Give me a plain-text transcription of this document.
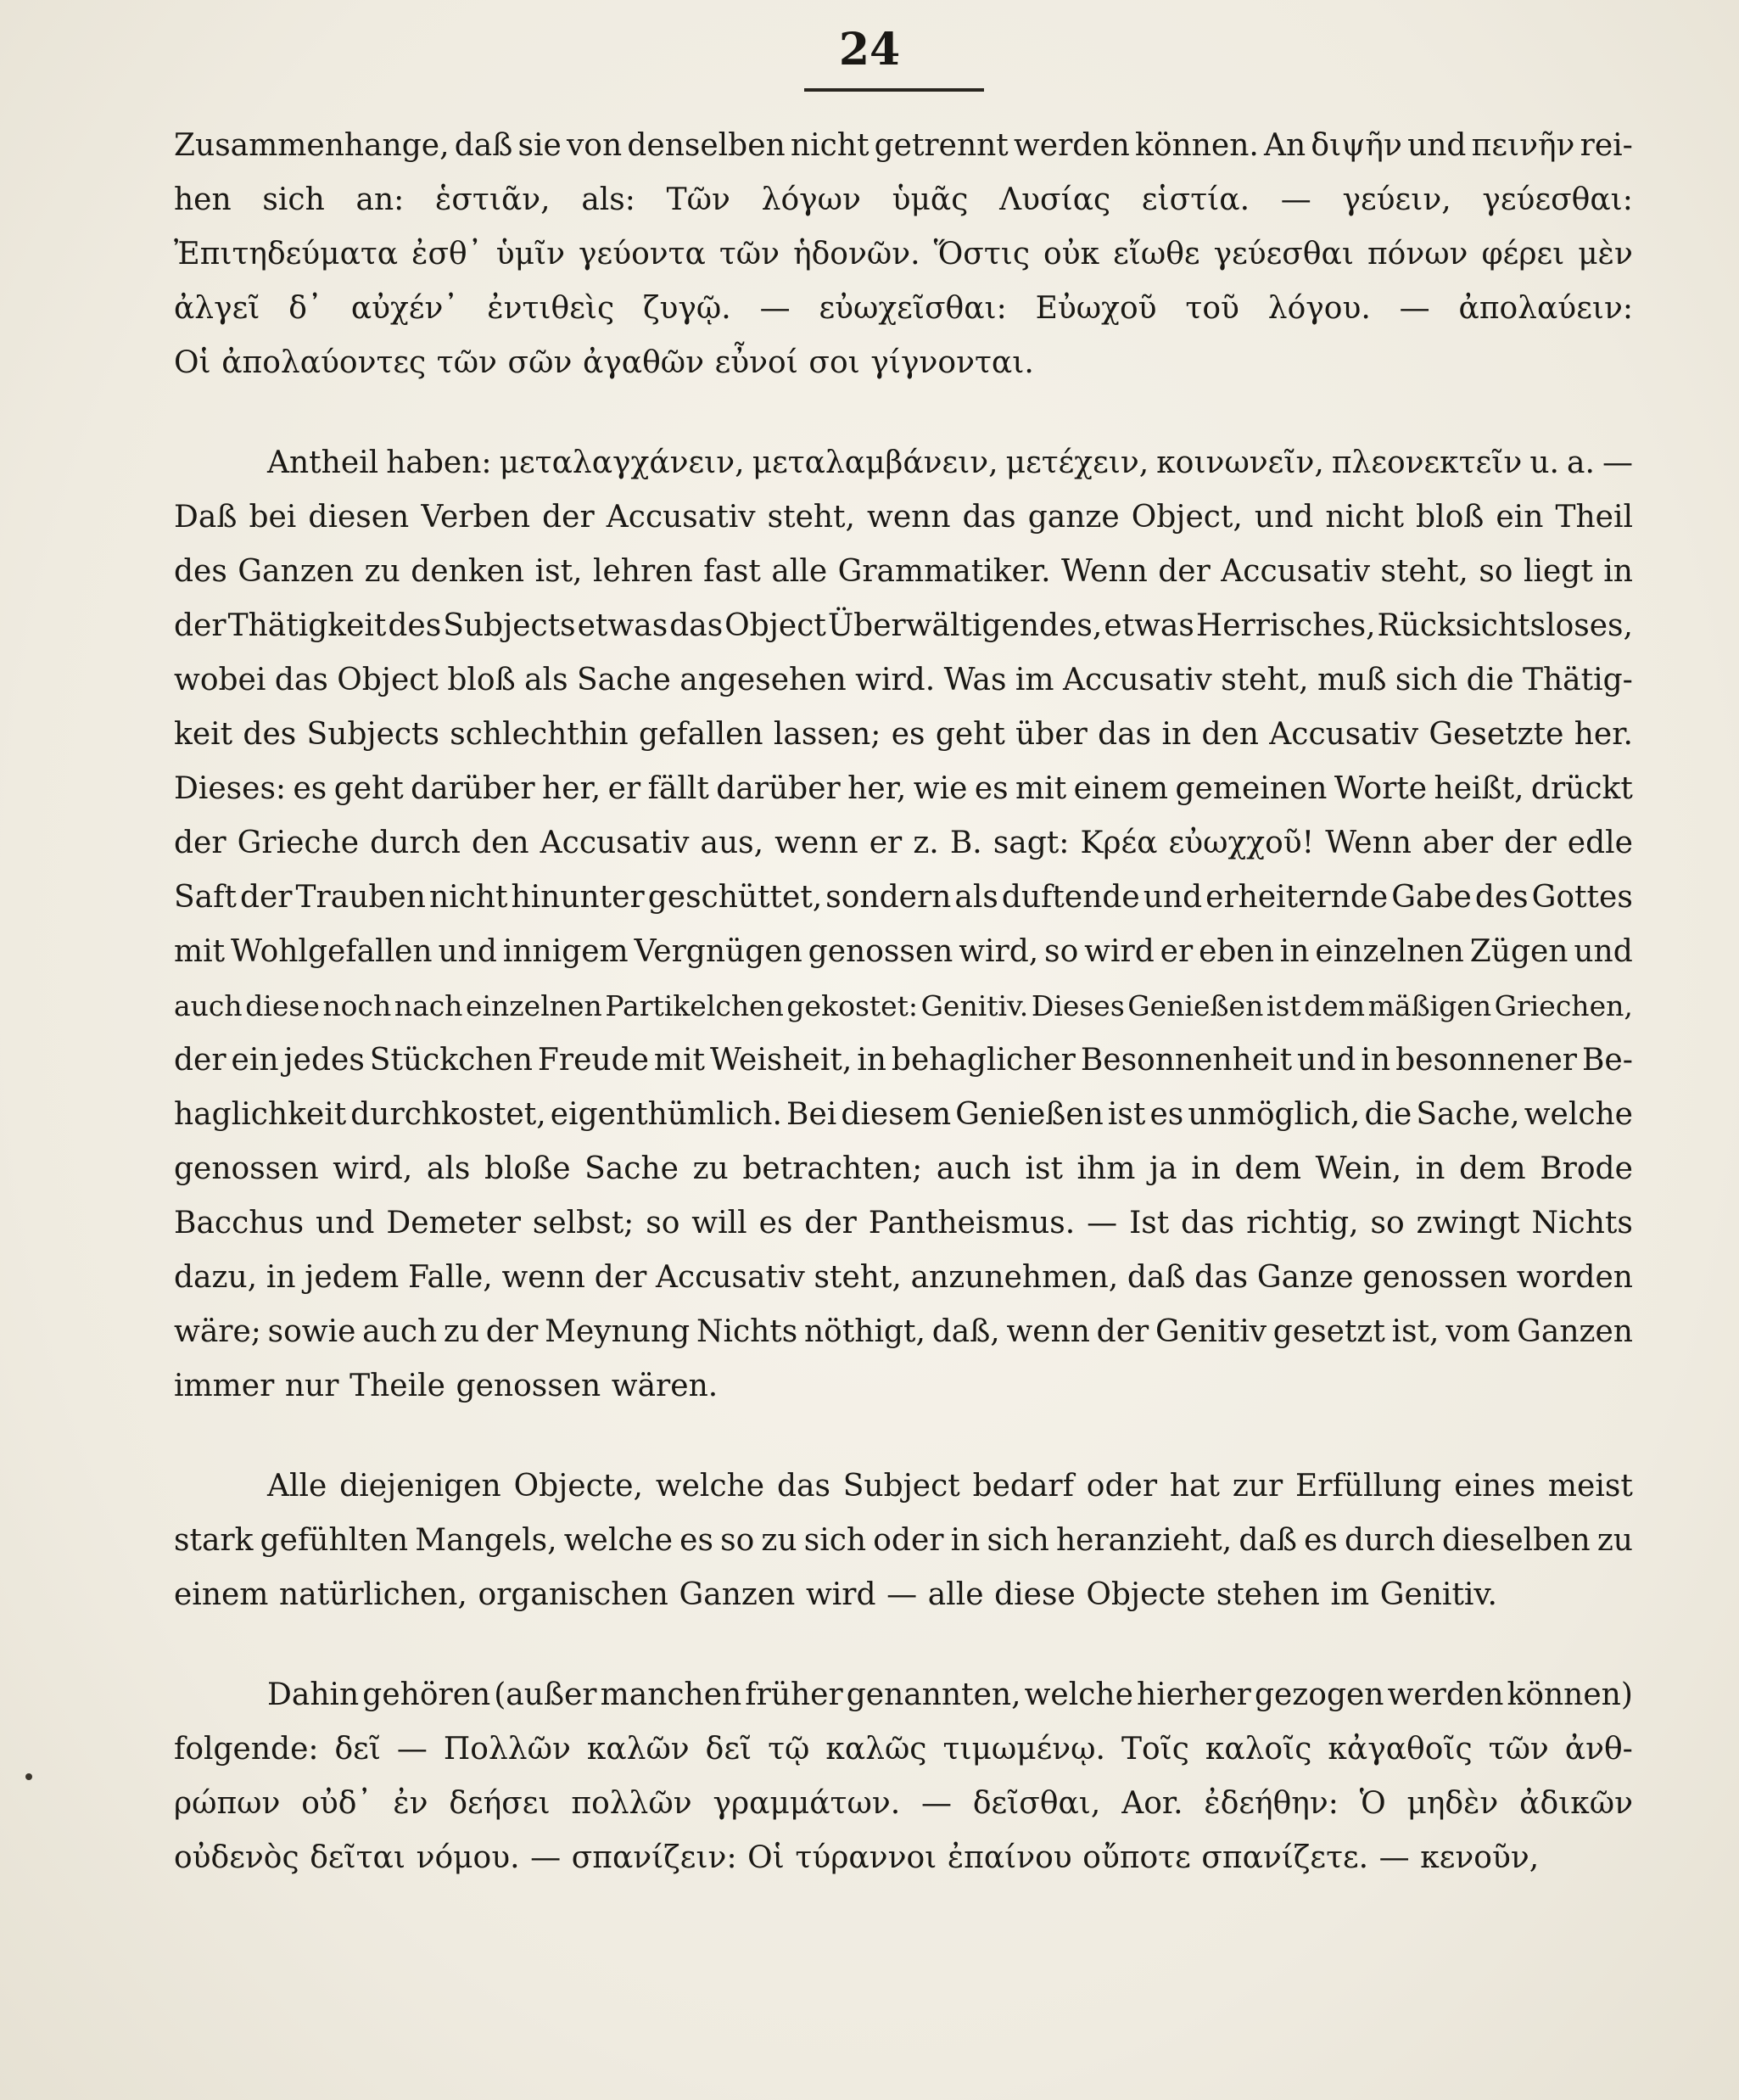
24
Zusammenhange, daß sie von denselben nicht getrennt werden können. An διψῆν und πεινῆν rei-
hen sich an: ἑστιᾶν, als: Τῶν λόγων ὑμᾶς Λυσίας εἱστία. — γεύειν, γεύεσθαι:
Ἐπιτηδεύματα ἐσθ᾽ ὑμῖν γεύοντα τῶν ἡδονῶν. Ὅστις οὐκ εἴωθε γεύεσθαι πόνων φέρει μὲν
ἀλγεῖ δ᾽ αὐχέν᾽ ἐντιθεὶς ζυγῷ. — εὐωχεῖσθαι: Εὐωχοῦ τοῦ λόγου. — ἀπολαύειν:
Οἱ ἀπολαύοντες τῶν σῶν ἀγαθῶν εὖνοί σοι γίγνονται.
Antheil haben: μεταλαγχάνειν, μεταλαμβάνειν, μετέχειν, κοινωνεῖν, πλεονεκτεῖν u. a. —
Daß bei diesen Verben der Accusativ steht, wenn das ganze Object, und nicht bloß ein Theil
des Ganzen zu denken ist, lehren fast alle Grammatiker. Wenn der Accusativ steht, so liegt in
der Thätigkeit des Subjects etwas das Object Überwältigendes, etwas Herrisches, Rücksichtsloses,
wobei das Object bloß als Sache angesehen wird. Was im Accusativ steht, muß sich die Thätig-
keit des Subjects schlechthin gefallen lassen; es geht über das in den Accusativ Gesetzte her.
Dieses: es geht darüber her, er fällt darüber her, wie es mit einem gemeinen Worte heißt, drückt
der Grieche durch den Accusativ aus, wenn er z. B. sagt: Κρέα εὐωχχοῦ! Wenn aber der edle
Saft der Trauben nicht hinunter geschüttet, sondern als duftende und erheiternde Gabe des Gottes
mit Wohlgefallen und innigem Vergnügen genossen wird, so wird er eben in einzelnen Zügen und
auch diese noch nach einzelnen Partikelchen gekostet: Genitiv. Dieses Genießen ist dem mäßigen Griechen,
der ein jedes Stückchen Freude mit Weisheit, in behaglicher Besonnenheit und in besonnener Be-
haglichkeit durchkostet, eigenthümlich. Bei diesem Genießen ist es unmöglich, die Sache, welche
genossen wird, als bloße Sache zu betrachten; auch ist ihm ja in dem Wein, in dem Brode
Bacchus und Demeter selbst; so will es der Pantheismus. — Ist das richtig, so zwingt Nichts
dazu, in jedem Falle, wenn der Accusativ steht, anzunehmen, daß das Ganze genossen worden
wäre; sowie auch zu der Meynung Nichts nöthigt, daß, wenn der Genitiv gesetzt ist, vom Ganzen
immer nur Theile genossen wären.
Alle diejenigen Objecte, welche das Subject bedarf oder hat zur Erfüllung eines meist
stark gefühlten Mangels, welche es so zu sich oder in sich heranzieht, daß es durch dieselben zu
einem natürlichen, organischen Ganzen wird — alle diese Objecte stehen im Genitiv.
Dahin gehören (außer manchen früher genannten, welche hierher gezogen werden können)
folgende: δεῖ — Πολλῶν καλῶν δεῖ τῷ καλῶς τιμωμένῳ. Τοῖς καλοῖς κἀγαθοῖς τῶν ἀνθ-
ρώπων οὐδ᾽ ἐν δεήσει πολλῶν γραμμάτων. — δεῖσθαι, Aor. ἐδεήθην: Ὁ μηδὲν ἀδικῶν
οὐδενὸς δεῖται νόμου. — σπανίζειν: Οἱ τύραννοι ἐπαίνου οὔποτε σπανίζετε. — κενοῦν,
